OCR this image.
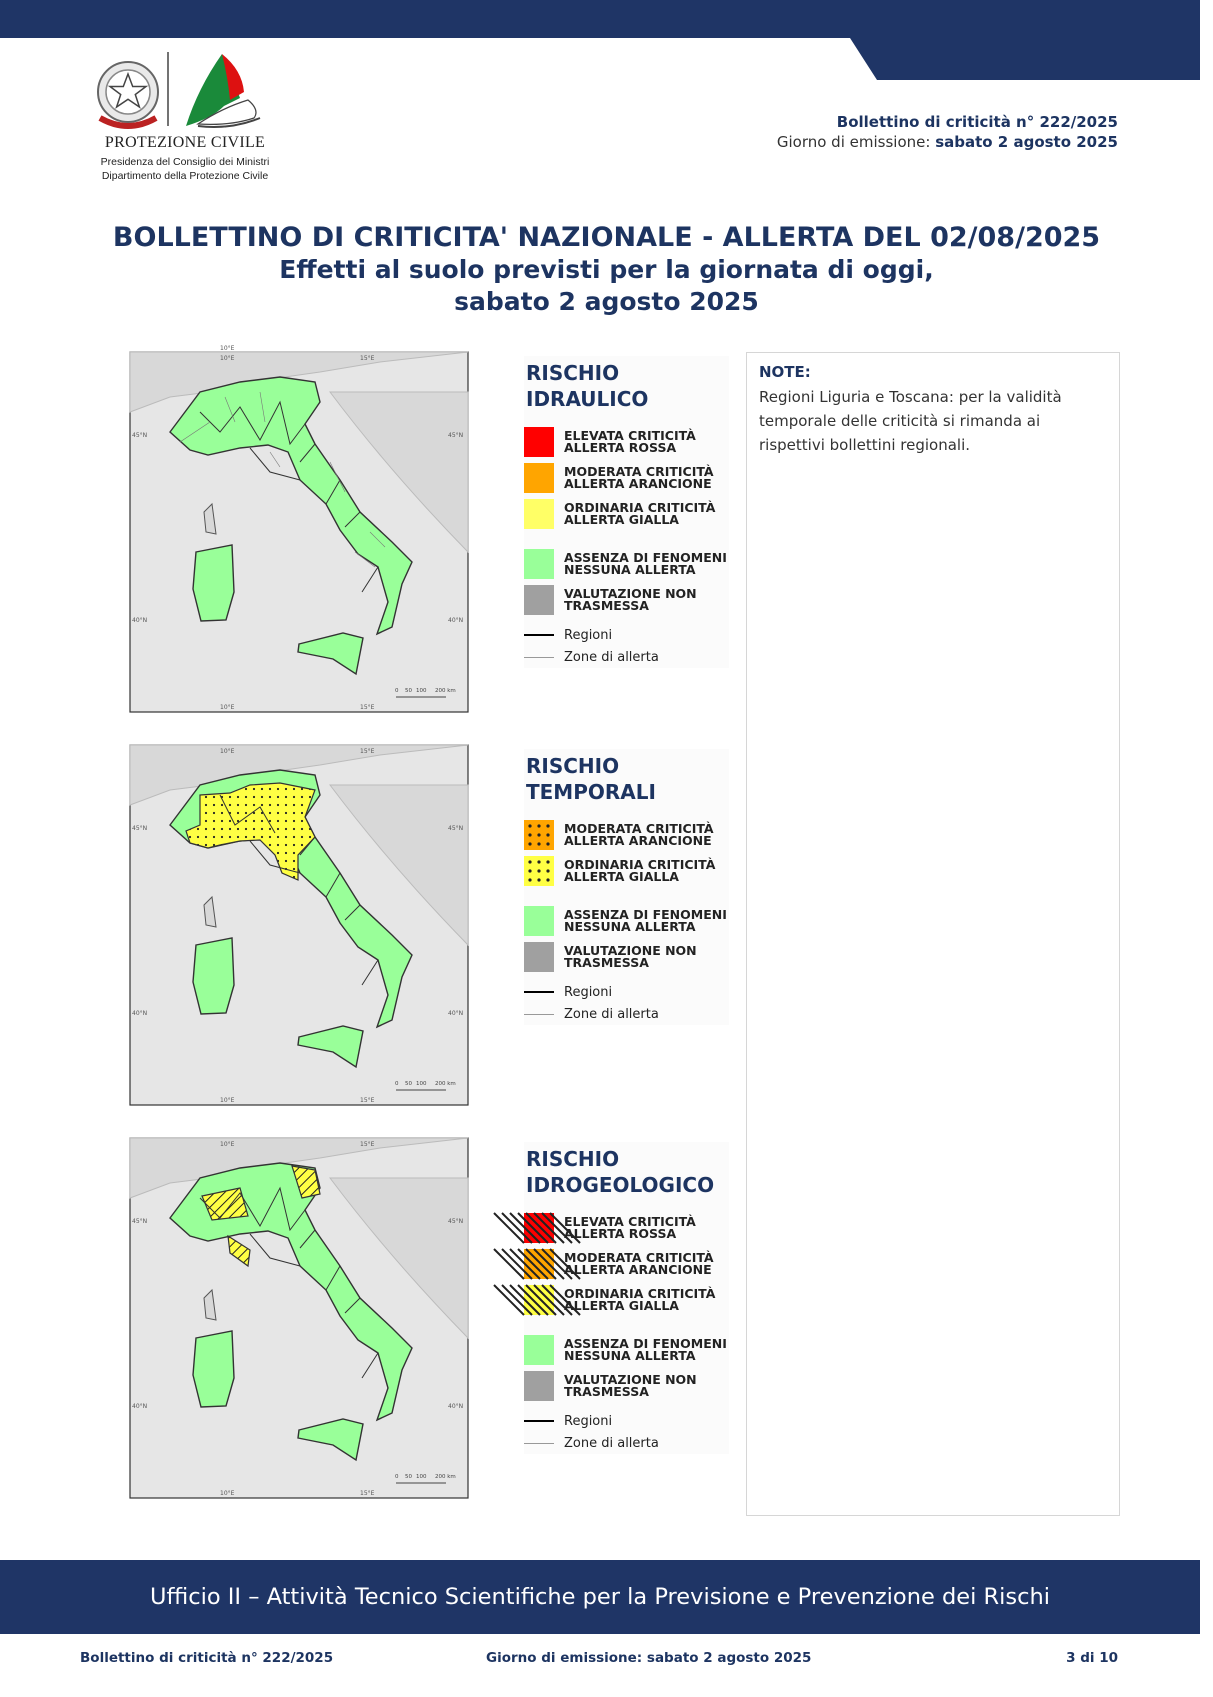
PROTEZIONE CIVILE
Presidenza del Consiglio dei Ministri
Dipartimento della Protezione Civile
Bollettino di criticità n° 222/2025
Giorno di emissione: sabato 2 agosto 2025
BOLLETTINO DI CRITICITA' NAZIONALE - ALLERTA DEL 02/08/2025
Effetti al suolo previsti per la giornata di oggi,
sabato 2 agosto 2025
10°E
10°E	15°E
10°E	15°E
45°N
40°N
45°N
40°N
0 50 100 200 km
10°E	15°E
10°E	15°E
45°N
40°N
45°N
40°N
0 50 100 200 km
10°E	15°E
10°E	15°E
45°N
40°N
45°N
40°N
0 50 100 200 km
RISCHIO
IDRAULICO
ELEVATA CRITICITÀ
ALLERTA ROSSA
MODERATA CRITICITÀ
ALLERTA ARANCIONE
ORDINARIA CRITICITÀ
ALLERTA GIALLA
ASSENZA DI FENOMENI
NESSUNA ALLERTA
VALUTAZIONE NON
TRASMESSA
Regioni
Zone di allerta
RISCHIO
TEMPORALI
MODERATA CRITICITÀ
ALLERTA ARANCIONE
ORDINARIA CRITICITÀ
ALLERTA GIALLA
ASSENZA DI FENOMENI
NESSUNA ALLERTA
VALUTAZIONE NON
TRASMESSA
Regioni
Zone di allerta
RISCHIO
IDROGEOLOGICO
ELEVATA CRITICITÀ
ALLERTA ROSSA
MODERATA CRITICITÀ
ALLERTA ARANCIONE
ORDINARIA CRITICITÀ
ALLERTA GIALLA
ASSENZA DI FENOMENI
NESSUNA ALLERTA
VALUTAZIONE NON
TRASMESSA
Regioni
Zone di allerta
NOTE:
Regioni Liguria e Toscana: per la validità temporale delle criticità si rimanda ai rispettivi bollettini regionali.
Ufficio II – Attività Tecnico Scientifiche per la Previsione e Prevenzione dei Rischi
Bollettino di criticità n° 222/2025	Giorno di emissione: sabato 2 agosto 2025	3 di 10
